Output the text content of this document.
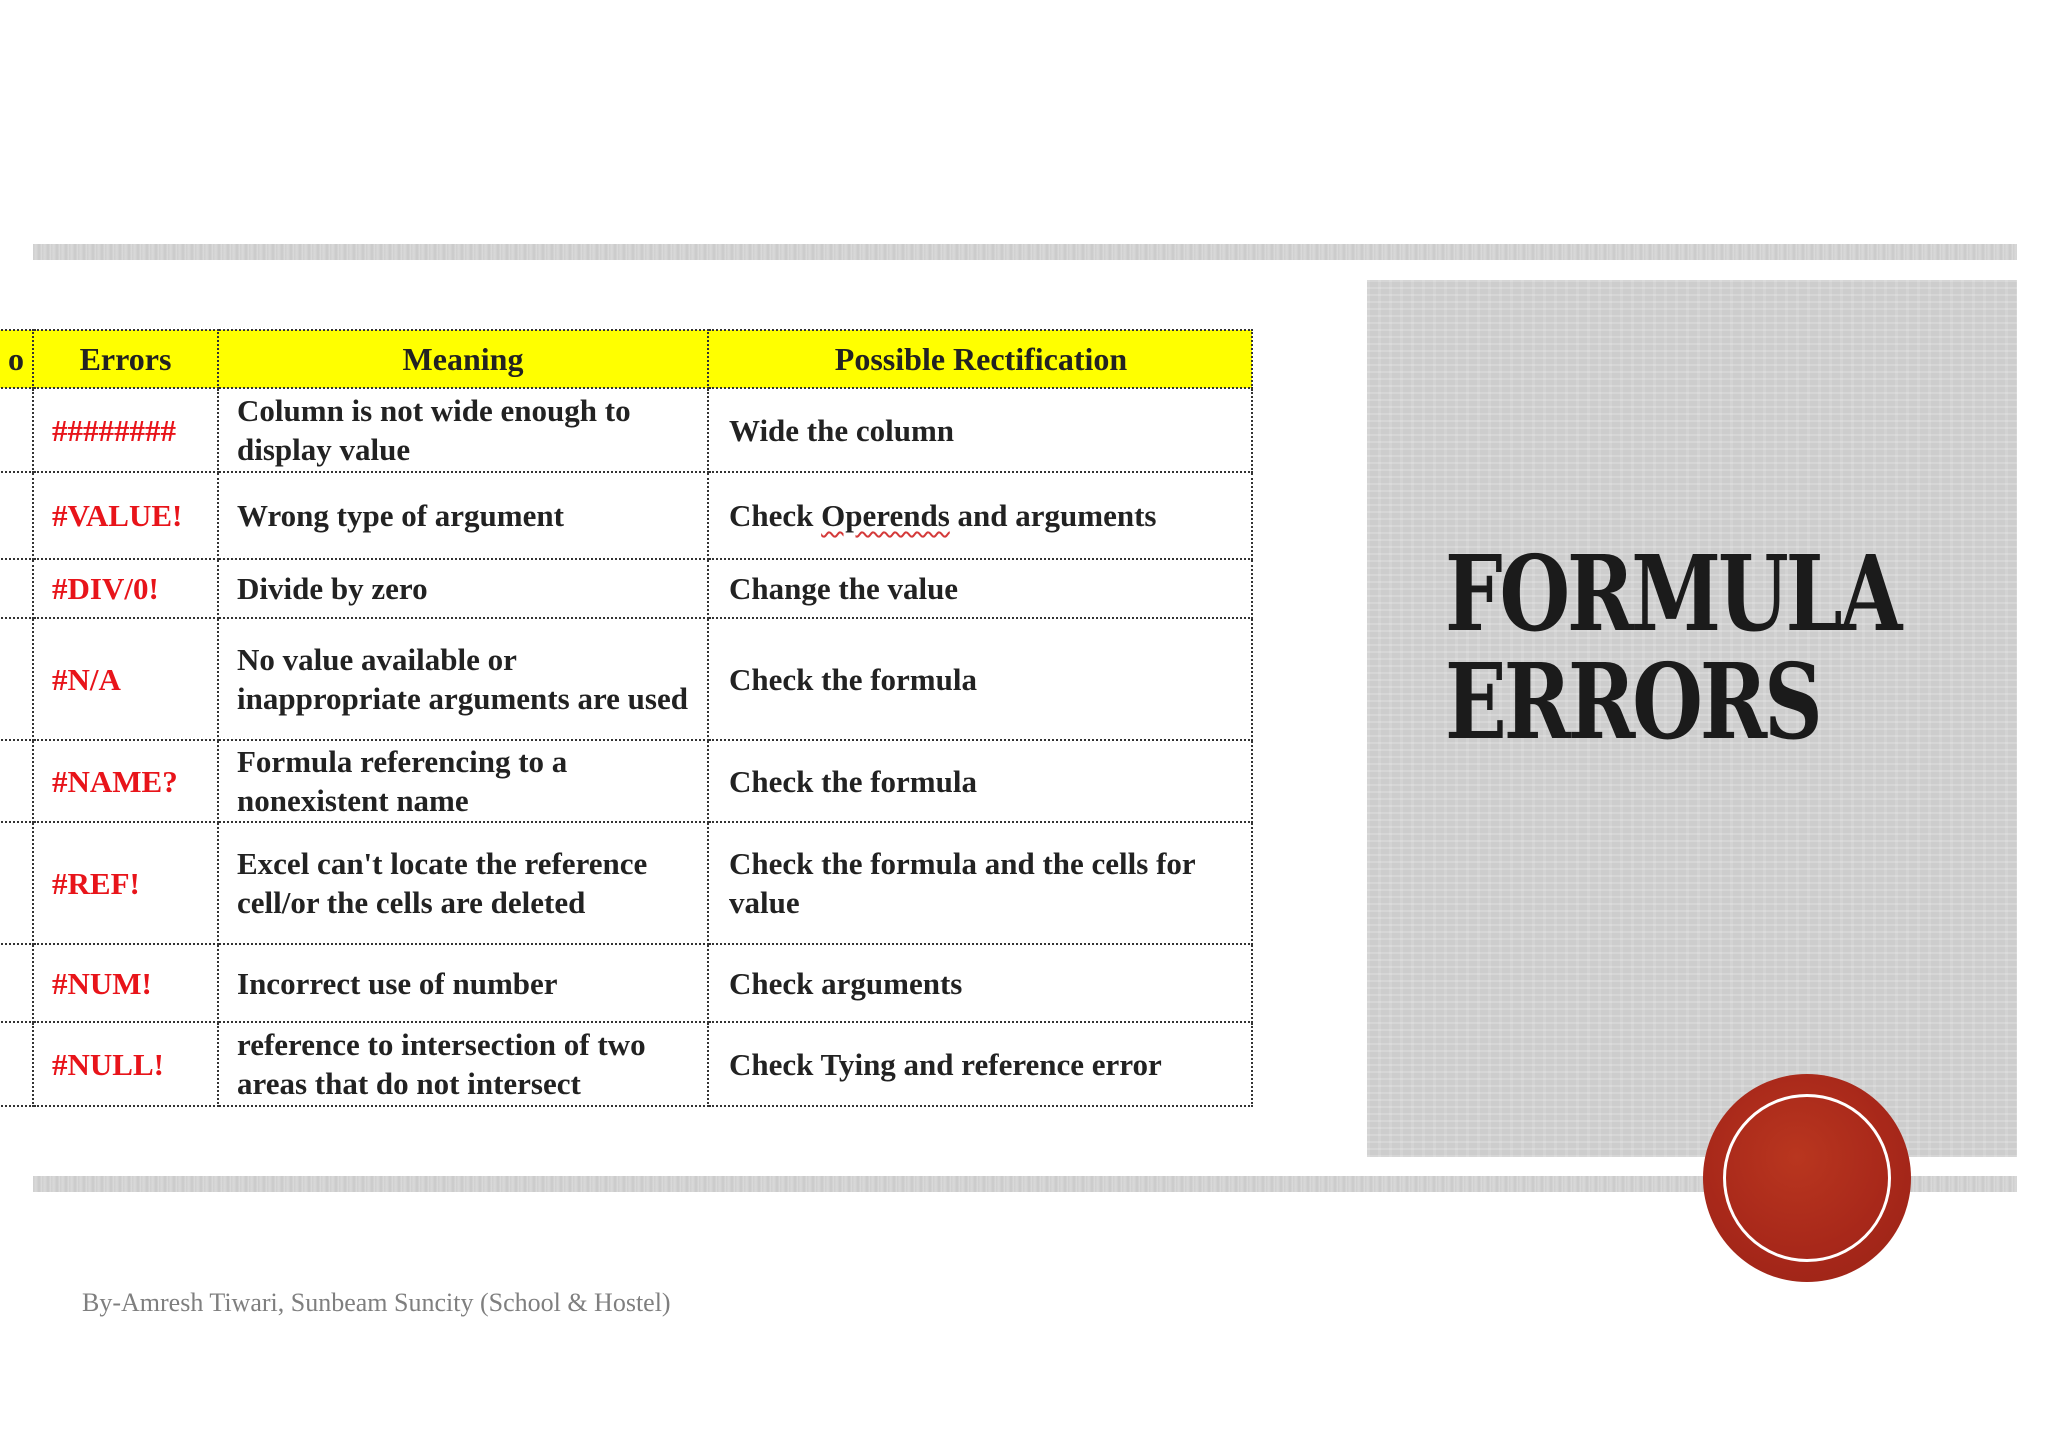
FORMULA
ERRORS
o	Errors	Meaning	Possible Rectification
	########	Column is not wide enough to display value	Wide the column
	#VALUE!	Wrong type of argument	Check Operends and arguments
	#DIV/0!	Divide by zero	Change the value
	#N/A	No value available or inappropriate arguments are used	Check the formula
	#NAME?	Formula referencing to a nonexistent name	Check the formula
	#REF!	Excel can't locate the reference cell/or the cells are deleted	Check the formula and the cells for value
	#NUM!	Incorrect use of number	Check arguments
	#NULL!	reference to intersection of two areas that do not intersect	Check Tying and reference error

By-Amresh Tiwari, Sunbeam Suncity (School & Hostel)
